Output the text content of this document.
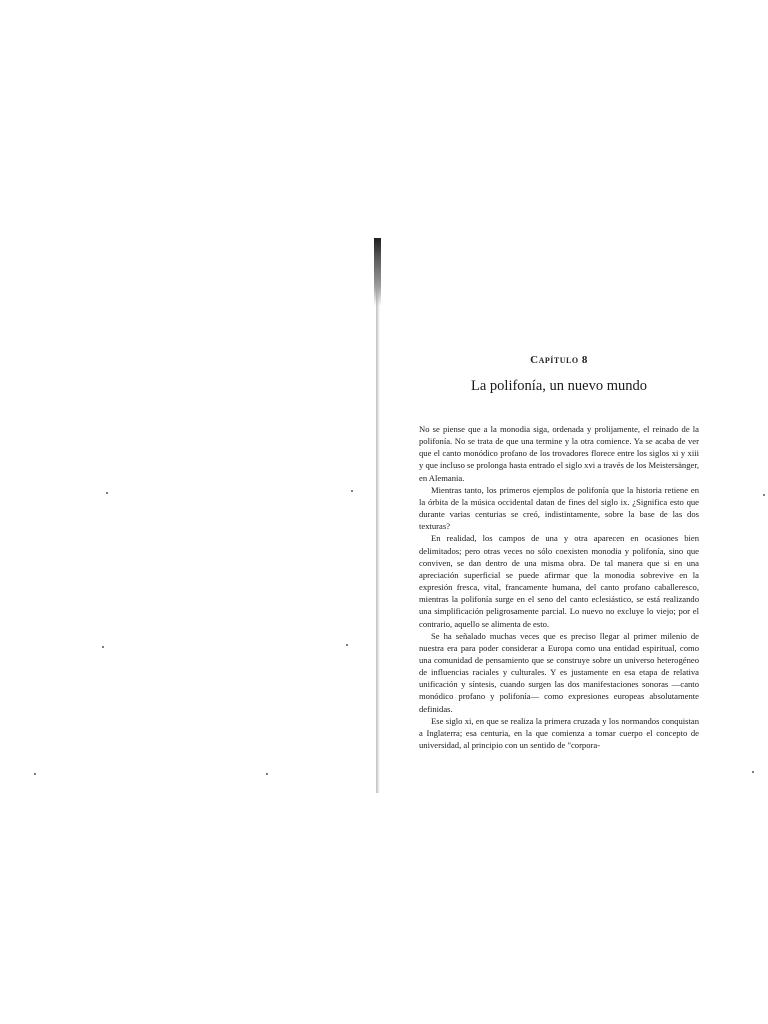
Capítulo 8
La polifonía, un nuevo mundo

No se piense que a la monodia siga, ordenada y prolijamente, el reinado de la polifonía. No se trata de que una termine y la otra comience. Ya se acaba de ver que el canto monódico profano de los trovadores florece entre los siglos xi y xiii y que incluso se prolonga hasta entrado el siglo xvi a través de los Meistersänger, en Alemania.

Mientras tanto, los primeros ejemplos de polifonía que la historia retiene en la órbita de la música occidental datan de fines del siglo ix. ¿Significa esto que durante varias centurias se creó, indistintamente, sobre la base de las dos texturas?

En realidad, los campos de una y otra aparecen en ocasiones bien delimitados; pero otras veces no sólo coexisten monodia y polifonía, sino que conviven, se dan dentro de una misma obra. De tal manera que si en una apreciación superficial se puede afirmar que la monodia sobrevive en la expresión fresca, vital, francamente humana, del canto profano caballeresco, mientras la polifonía surge en el seno del canto eclesiástico, se está realizando una simplificación peligrosamente parcial. Lo nuevo no excluye lo viejo; por el contrario, aquello se alimenta de esto.

Se ha señalado muchas veces que es preciso llegar al primer milenio de nuestra era para poder considerar a Europa como una entidad espiritual, como una comunidad de pensamiento que se construye sobre un universo heterogéneo de influencias raciales y culturales. Y es justamente en esa etapa de relativa unificación y síntesis, cuando surgen las dos manifestaciones sonoras —canto monódico profano y polifonía— como expresiones europeas absolutamente definidas.

Ese siglo xi, en que se realiza la primera cruzada y los normandos conquistan a Inglaterra; esa centuria, en la que comienza a tomar cuerpo el concepto de universidad, al principio con un sentido de "corpora-
